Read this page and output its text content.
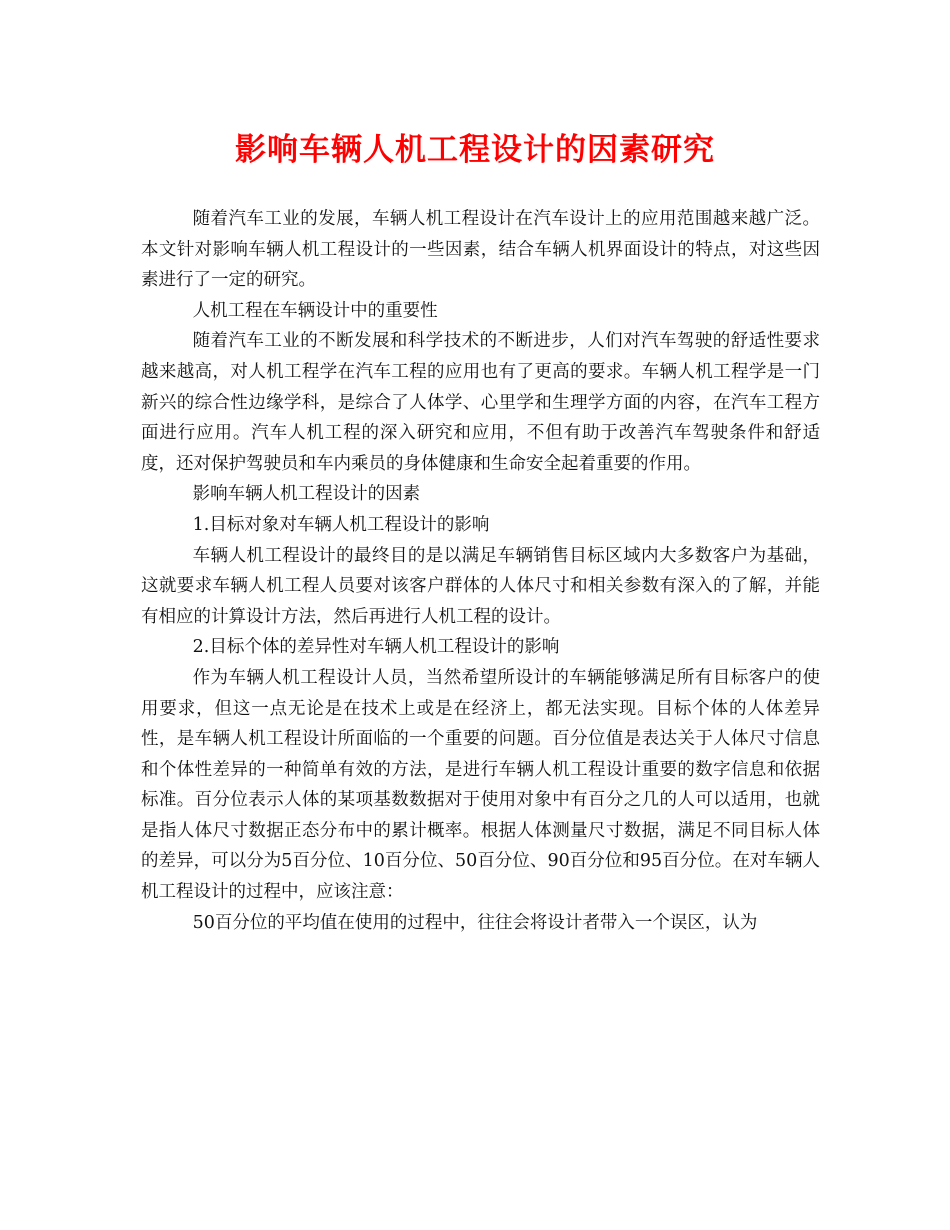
影响车辆人机工程设计的因素研究

随着汽车工业的发展，车辆人机工程设计在汽车设计上的应用范围越来越广泛。本文针对影响车辆人机工程设计的一些因素，结合车辆人机界面设计的特点，对这些因素进行了一定的研究。

人机工程在车辆设计中的重要性

随着汽车工业的不断发展和科学技术的不断进步，人们对汽车驾驶的舒适性要求越来越高，对人机工程学在汽车工程的应用也有了更高的要求。车辆人机工程学是一门新兴的综合性边缘学科，是综合了人体学、心里学和生理学方面的内容，在汽车工程方面进行应用。汽车人机工程的深入研究和应用，不但有助于改善汽车驾驶条件和舒适度，还对保护驾驶员和车内乘员的身体健康和生命安全起着重要的作用。

影响车辆人机工程设计的因素

1.目标对象对车辆人机工程设计的影响

车辆人机工程设计的最终目的是以满足车辆销售目标区域内大多数客户为基础，这就要求车辆人机工程人员要对该客户群体的人体尺寸和相关参数有深入的了解，并能有相应的计算设计方法，然后再进行人机工程的设计。

2.目标个体的差异性对车辆人机工程设计的影响

作为车辆人机工程设计人员，当然希望所设计的车辆能够满足所有目标客户的使用要求，但这一点无论是在技术上或是在经济上，都无法实现。目标个体的人体差异性，是车辆人机工程设计所面临的一个重要的问题。百分位值是表达关于人体尺寸信息和个体性差异的一种简单有效的方法，是进行车辆人机工程设计重要的数字信息和依据标准。百分位表示人体的某项基数数据对于使用对象中有百分之几的人可以适用，也就是指人体尺寸数据正态分布中的累计概率。根据人体测量尺寸数据，满足不同目标人体的差异，可以分为5百分位、10百分位、50百分位、90百分位和95百分位。在对车辆人机工程设计的过程中，应该注意：

50百分位的平均值在使用的过程中，往往会将设计者带入一个误区，认为
